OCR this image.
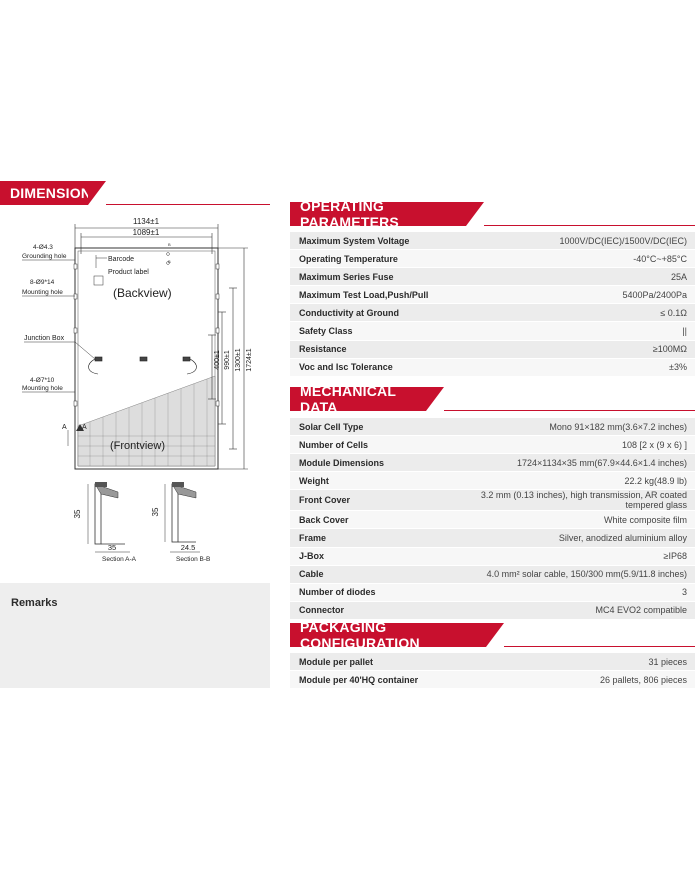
DIMENSION
1134±1
1089±1
B
B
400±1 990±1 1300±1 1724±1
4-Ø4.3
Grounding hole
8-Ø9*14
Mounting hole
Barcode
Product label
(Backview)
Junction Box
4-Ø7*10
Mounting hole
A A
(Frontview)
35
35
Section A-A
35
24.5
Section B-B
Remarks
OPERATING PARAMETERS
Maximum System Voltage	1000V/DC(IEC)/1500V/DC(IEC)
Operating Temperature	-40°C~+85°C
Maximum Series Fuse	25A
Maximum Test Load,Push/Pull	5400Pa/2400Pa
Conductivity at Ground	≤ 0.1Ω
Safety Class	||
Resistance	≥100MΩ
Voc and Isc Tolerance	±3%
MECHANICAL DATA
Solar Cell Type	Mono 91×182 mm(3.6×7.2 inches)
Number of Cells	108 [2 x (9 x 6) ]
Module Dimensions	1724×1134×35 mm(67.9×44.6×1.4 inches)
Weight	22.2 kg(48.9 lb)
Front Cover	3.2 mm (0.13 inches), high transmission, AR coated tempered glass
Back Cover	White composite film
Frame	Silver, anodized aluminium alloy
J-Box	≥IP68
Cable	4.0 mm² solar cable, 150/300 mm(5.9/11.8 inches)
Number of diodes	3
Connector	MC4 EVO2 compatible
PACKAGING CONFIGURATION
Module per pallet	31 pieces
Module per 40'HQ container	26 pallets, 806 pieces
